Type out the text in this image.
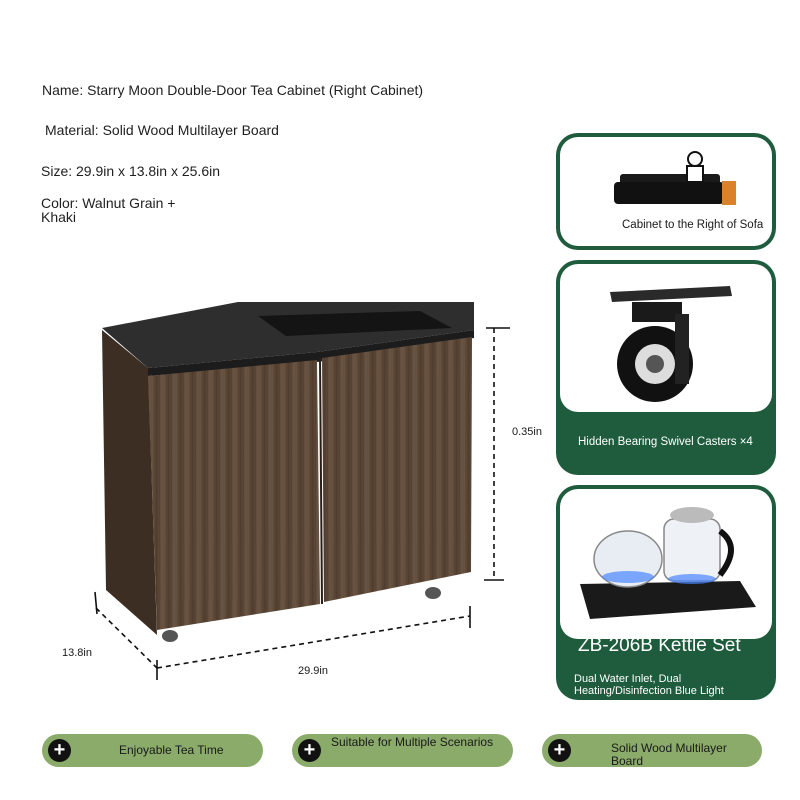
Name: Starry Moon Double-Door Tea Cabinet (Right Cabinet)
Material: Solid Wood Multilayer Board
Size: 29.9in x 13.8in x 25.6in
Color: Walnut Grain + Khaki
13.8in
29.9in
0.35in
Cabinet to the Right of Sofa
Hidden Bearing Swivel Casters ×4
ZB-206B Kettle Set
Dual Water Inlet, Dual Heating/Disinfection Blue Light
+	Enjoyable Tea Time	+	Suitable for Multiple Scenarios	+	Solid Wood Multilayer Board
